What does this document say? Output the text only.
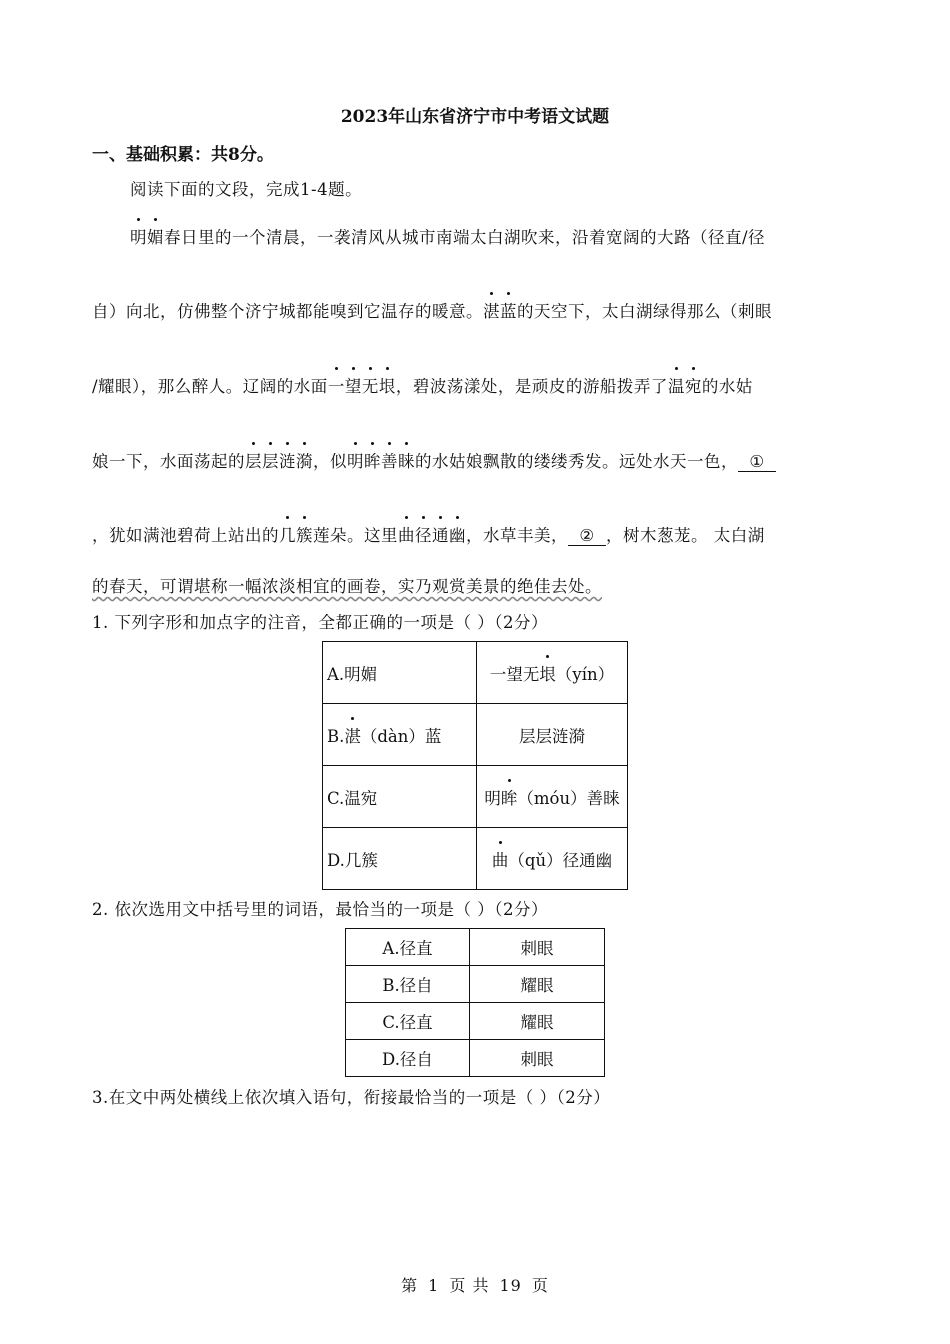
2023年山东省济宁市中考语文试题
一、基础积累：共8分。
阅读下面的文段，完成1-4题。
明媚春日里的一个清晨，一袭清风从城市南端太白湖吹来，沿着宽阔的大路（径直/径
自）向北，仿佛整个济宁城都能嗅到它温存的暖意。湛蓝的天空下，太白湖绿得那么（刺眼
/耀眼），那么醉人。辽阔的水面一望无垠，碧波荡漾处，是顽皮的游船拨弄了温宛的水姑
娘一下，水面荡起的层层涟漪，似明眸善睐的水姑娘飘散的缕缕秀发。远处水天一色， ①
，犹如满池碧荷上站出的几簇莲朵。这里曲径通幽，水草丰美， ② ，树木葱茏。 太白湖
的春天，可谓堪称一幅浓淡相宜的画卷，实乃观赏美景的绝佳去处。
1. 下列字形和加点字的注音，全都正确的一项是（ ）（2分）
A.明媚	一望无垠（yín）
B.湛（dàn）蓝	层层涟漪
C.温宛	明眸（móu）善睐
D.几簇	曲（qǔ）径通幽
2. 依次选用文中括号里的词语，最恰当的一项是（ ）（2分）
A.径直	刺眼
B.径自	耀眼
C.径直	耀眼
D.径自	刺眼
3.在文中两处横线上依次填入语句，衔接最恰当的一项是（ ）（2分）
第 1 页 共 19 页
